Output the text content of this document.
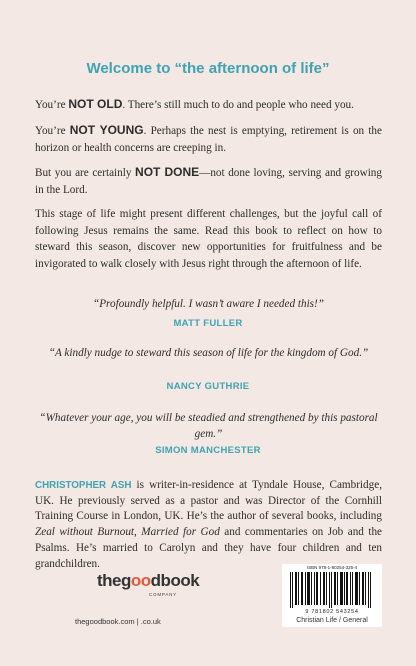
Welcome to “the afternoon of life”

You’re NOT OLD. There’s still much to do and people who need you.

You’re NOT YOUNG. Perhaps the nest is emptying, retirement is on the horizon or health concerns are creeping in.

But you are certainly NOT DONE—not done loving, serving and growing in the Lord.

This stage of life might present different challenges, but the joyful call of following Jesus remains the same. Read this book to reflect on how to steward this season, discover new opportunities for fruitfulness and be invigorated to walk closely with Jesus right through the afternoon of life.

“Profoundly helpful. I wasn’t aware I needed this!”
MATT FULLER
“A kindly nudge to steward this season of life for the kingdom of God.”
NANCY GUTHRIE
“Whatever your age, you will be steadied and strengthened by this pastoral gem.”
SIMON MANCHESTER
CHRISTOPHER ASH is writer-in-residence at Tyndale House, Cambridge, UK. He previously served as a pastor and was Director of the Cornhill Training Course in London, UK. He’s the author of several books, including Zeal without Burnout, Married for God and commentaries on Job and the Psalms. He’s married to Carolyn and they have four children and ten grandchildren.
thegoodbook
COMPANY
thegoodbook.com | .co.uk
ISBN 978-1-80254-325-4
9 781802 543254
Christian Life / General
